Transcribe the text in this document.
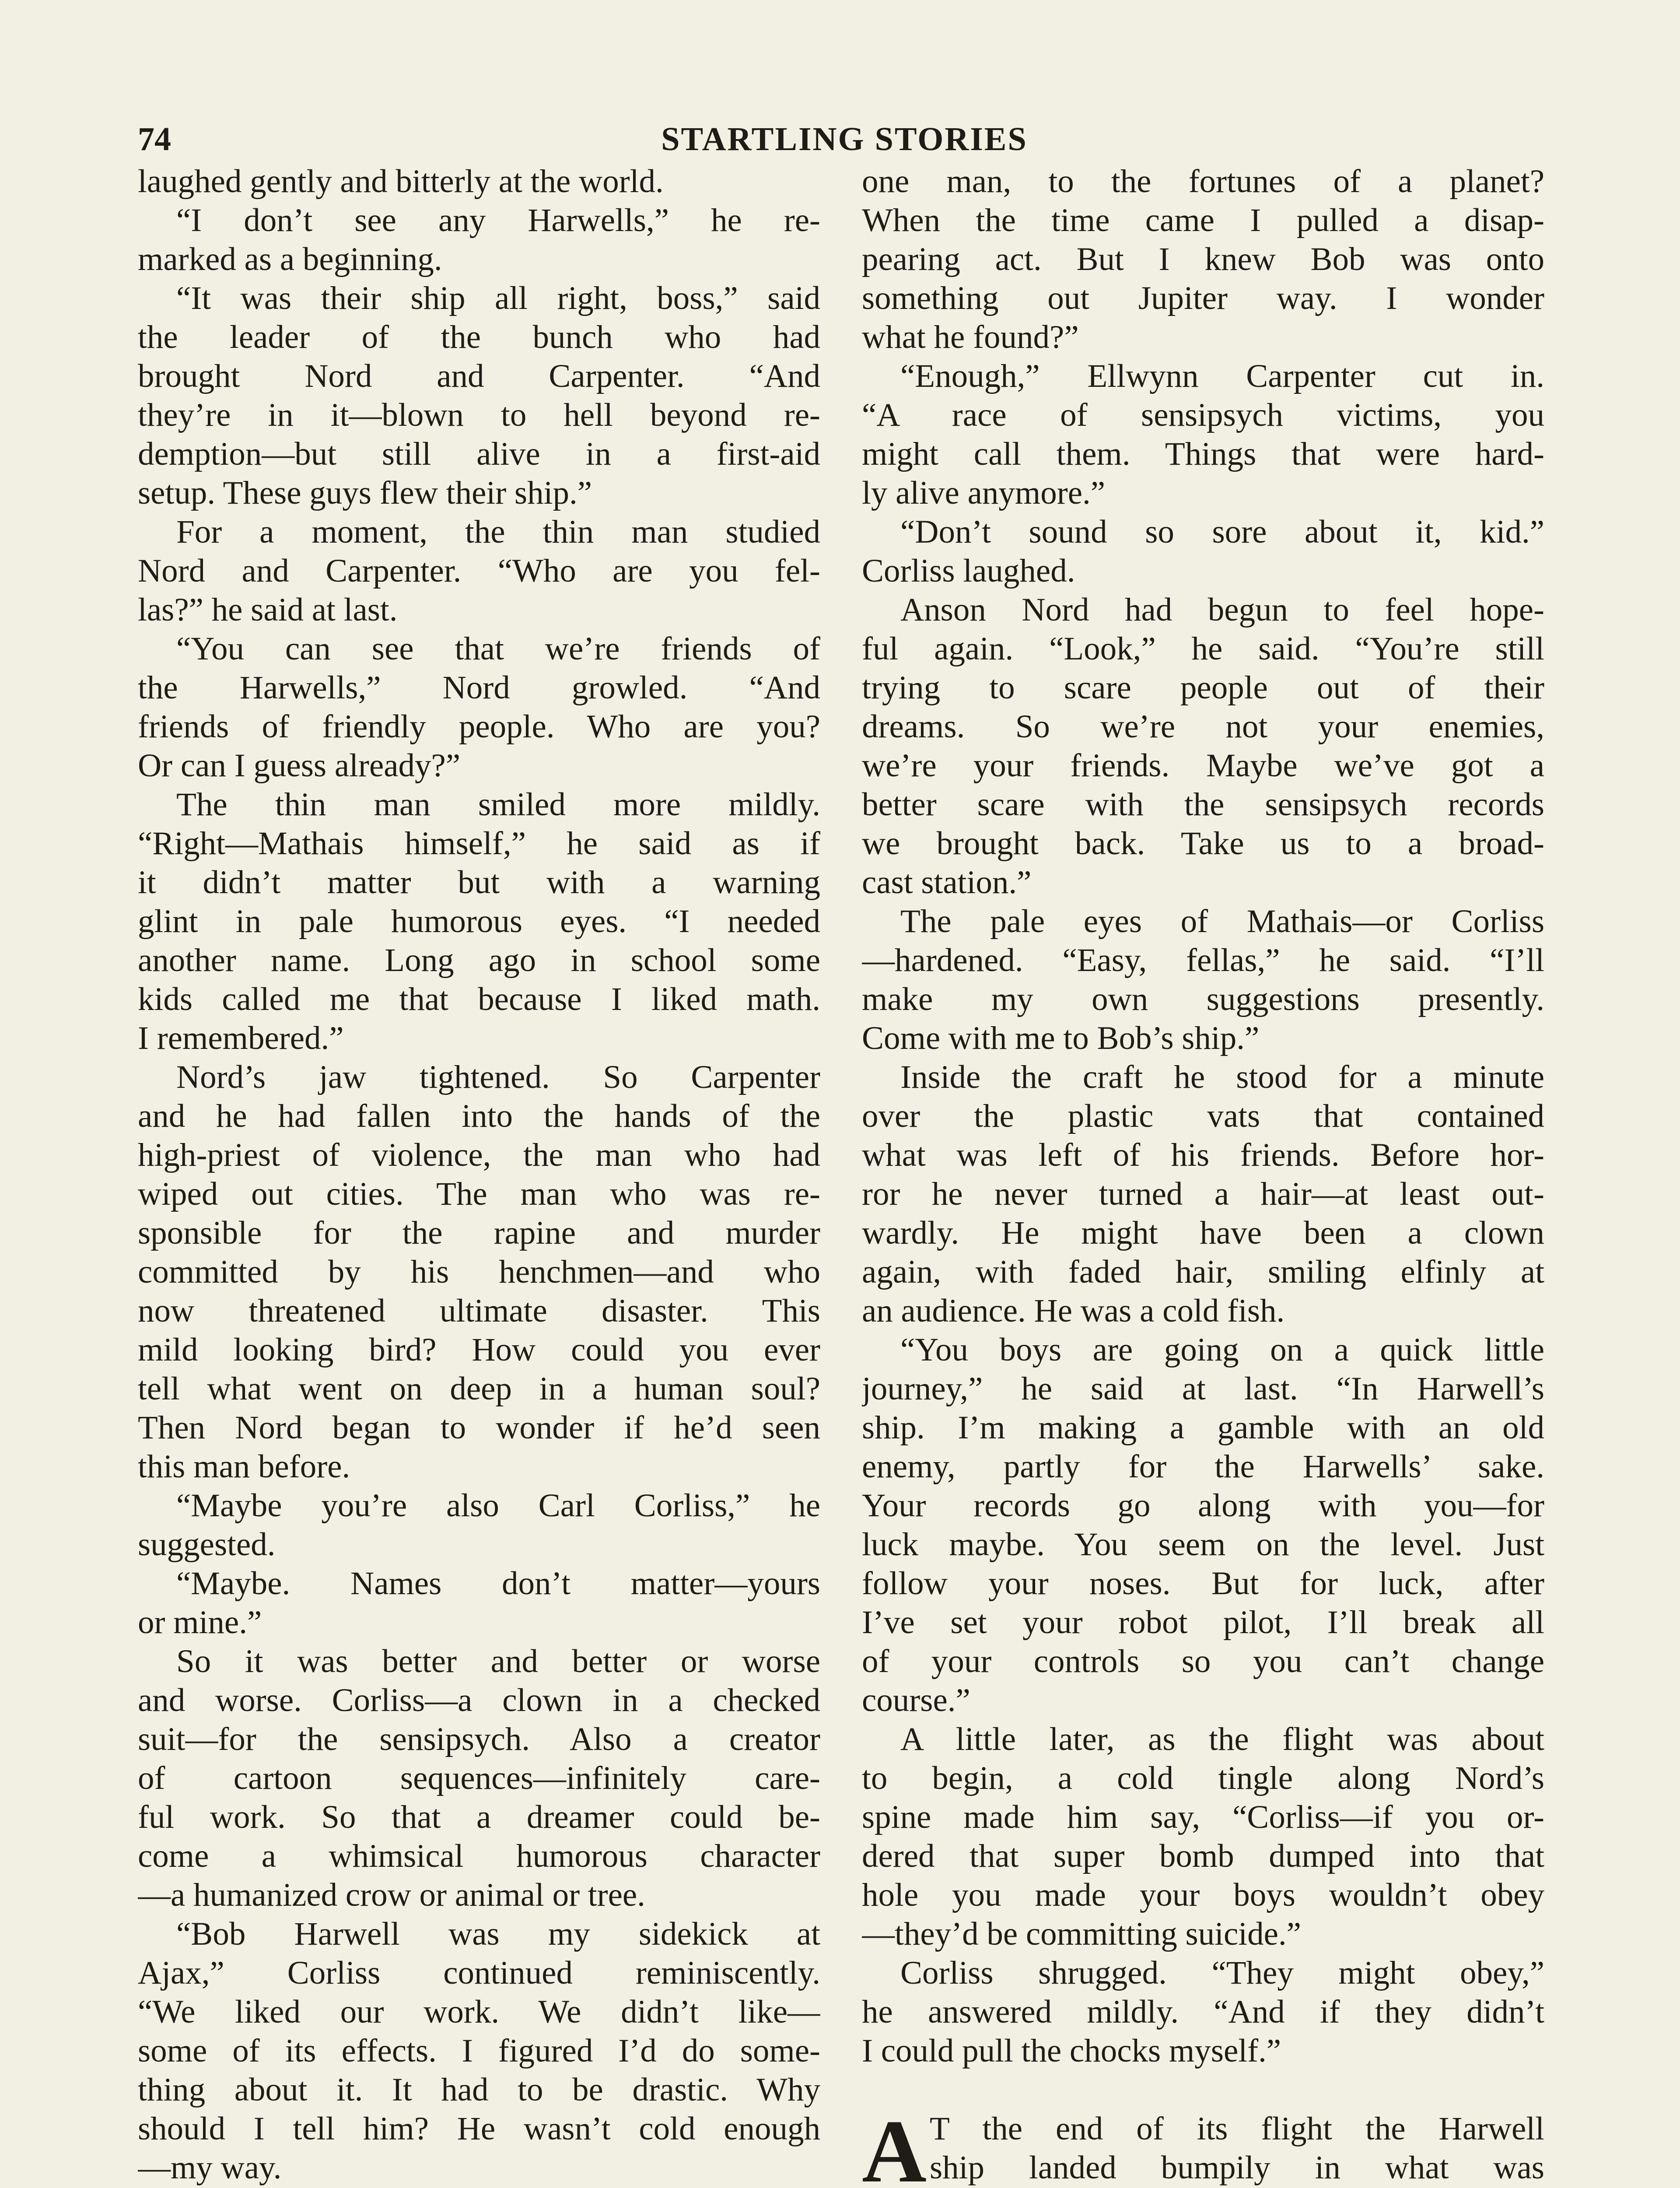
74	STARTLING STORIES
laughed gently and bitterly at the world.
“I don’t see any Harwells,” he re-
marked as a beginning.
“It was their ship all right, boss,” said
the leader of the bunch who had
brought Nord and Carpenter. “And
they’re in it—blown to hell beyond re-
demption—but still alive in a first-aid
setup. These guys flew their ship.”
For a moment, the thin man studied
Nord and Carpenter. “Who are you fel-
las?” he said at last.
“You can see that we’re friends of
the Harwells,” Nord growled. “And
friends of friendly people. Who are you?
Or can I guess already?”
The thin man smiled more mildly.
“Right—Mathais himself,” he said as if
it didn’t matter but with a warning
glint in pale humorous eyes. “I needed
another name. Long ago in school some
kids called me that because I liked math.
I remembered.”
Nord’s jaw tightened. So Carpenter
and he had fallen into the hands of the
high-priest of violence, the man who had
wiped out cities. The man who was re-
sponsible for the rapine and murder
committed by his henchmen—and who
now threatened ultimate disaster. This
mild looking bird? How could you ever
tell what went on deep in a human soul?
Then Nord began to wonder if he’d seen
this man before.
“Maybe you’re also Carl Corliss,” he
suggested.
“Maybe. Names don’t matter—yours
or mine.”
So it was better and better or worse
and worse. Corliss—a clown in a checked
suit—for the sensipsych. Also a creator
of cartoon sequences—infinitely care-
ful work. So that a dreamer could be-
come a whimsical humorous character
—a humanized crow or animal or tree.
“Bob Harwell was my sidekick at
Ajax,” Corliss continued reminiscently.
“We liked our work. We didn’t like—
some of its effects. I figured I’d do some-
thing about it. It had to be drastic. Why
should I tell him? He wasn’t cold enough
—my way.
one man, to the fortunes of a planet?
When the time came I pulled a disap-
pearing act. But I knew Bob was onto
something out Jupiter way. I wonder
what he found?”
“Enough,” Ellwynn Carpenter cut in.
“A race of sensipsych victims, you
might call them. Things that were hard-
ly alive anymore.”
“Don’t sound so sore about it, kid.”
Corliss laughed.
Anson Nord had begun to feel hope-
ful again. “Look,” he said. “You’re still
trying to scare people out of their
dreams. So we’re not your enemies,
we’re your friends. Maybe we’ve got a
better scare with the sensipsych records
we brought back. Take us to a broad-
cast station.”
The pale eyes of Mathais—or Corliss
—hardened. “Easy, fellas,” he said. “I’ll
make my own suggestions presently.
Come with me to Bob’s ship.”
Inside the craft he stood for a minute
over the plastic vats that contained
what was left of his friends. Before hor-
ror he never turned a hair—at least out-
wardly. He might have been a clown
again, with faded hair, smiling elfinly at
an audience. He was a cold fish.
“You boys are going on a quick little
journey,” he said at last. “In Harwell’s
ship. I’m making a gamble with an old
enemy, partly for the Harwells’ sake.
Your records go along with you—for
luck maybe. You seem on the level. Just
follow your noses. But for luck, after
I’ve set your robot pilot, I’ll break all
of your controls so you can’t change
course.”
A little later, as the flight was about
to begin, a cold tingle along Nord’s
spine made him say, “Corliss—if you or-
dered that super bomb dumped into that
hole you made your boys wouldn’t obey
—they’d be committing suicide.”
Corliss shrugged. “They might obey,”
he answered mildly. “And if they didn’t
I could pull the chocks myself.”
A T the end of its flight the Harwell
ship landed bumpily in what was
